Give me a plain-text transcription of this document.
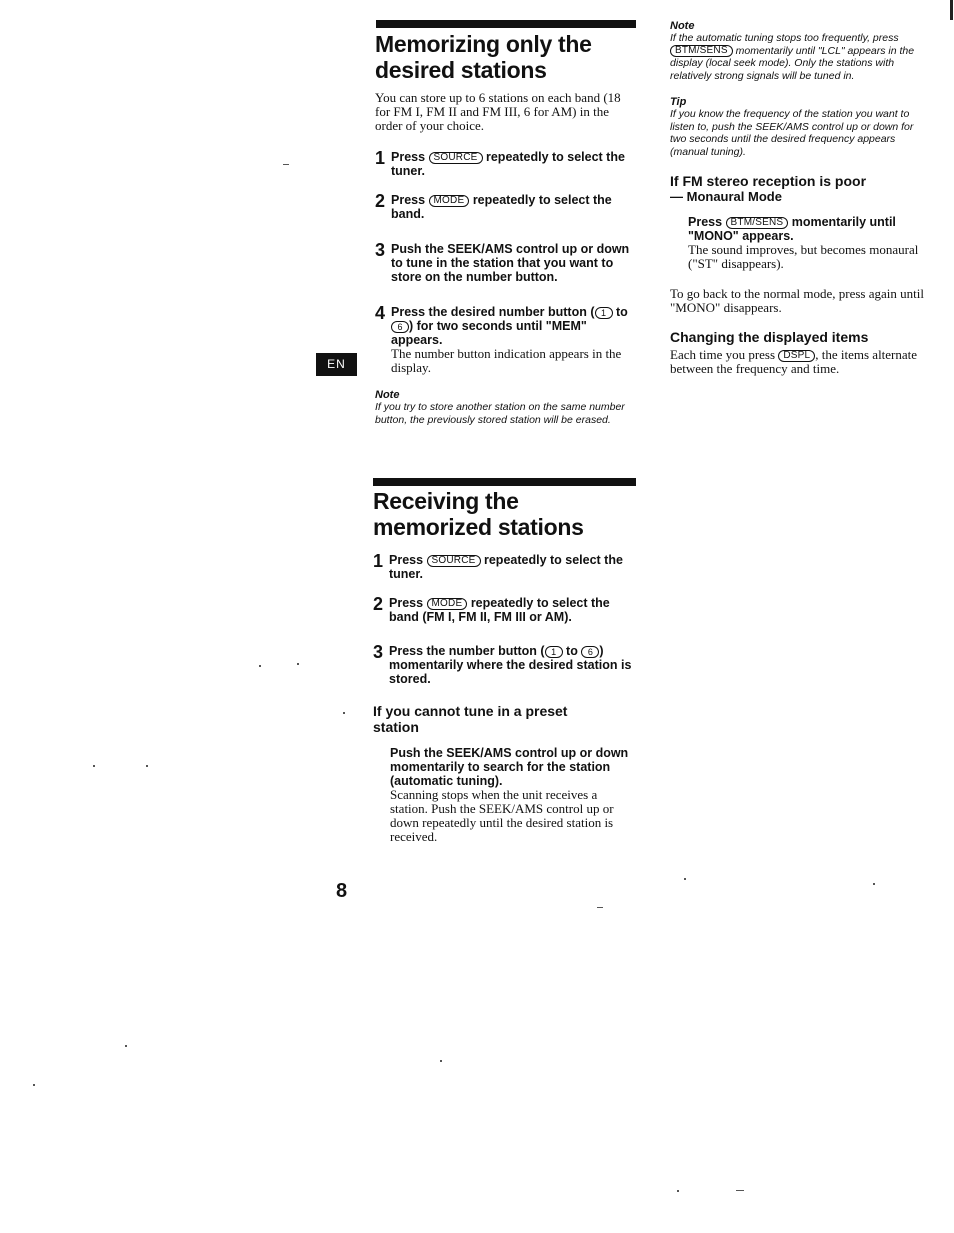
Memorizing only the desired stations

You can store up to 6 stations on each band (18 for FM I, FM II and FM III, 6 for AM) in the order of your choice.

1 Press SOURCE repeatedly to select the tuner.
2 Press MODE repeatedly to select the band.
3 Push the SEEK/AMS control up or down to tune in the station that you want to store on the number button.
4 Press the desired number button ( 1 to 6 ) for two seconds until "MEM" appears.
The number button indication appears in the display.
EN
Note
If you try to store another station on the same number button, the previously stored station will be erased.
Receiving the memorized stations
1 Press SOURCE repeatedly to select the tuner.
2 Press MODE repeatedly to select the band (FM I, FM II, FM III or AM).
3 Press the number button ( 1 to 6 ) momentarily where the desired station is stored.
If you cannot tune in a preset station
Push the SEEK/AMS control up or down momentarily to search for the station (automatic tuning).
Scanning stops when the unit receives a station. Push the SEEK/AMS control up or down repeatedly until the desired station is received.
8
Note
If the automatic tuning stops too frequently, press BTM/SENS momentarily until "LCL" appears in the display (local seek mode). Only the stations with relatively strong signals will be tuned in.
Tip
If you know the frequency of the station you want to listen to, push the SEEK/AMS control up or down for two seconds until the desired frequency appears (manual tuning).
If FM stereo reception is poor
— Monaural Mode
Press BTM/SENS momentarily until "MONO" appears.
The sound improves, but becomes monaural ("ST" disappears).

To go back to the normal mode, press again until "MONO" disappears.

Changing the displayed items

Each time you press DSPL , the items alternate between the frequency and time.
